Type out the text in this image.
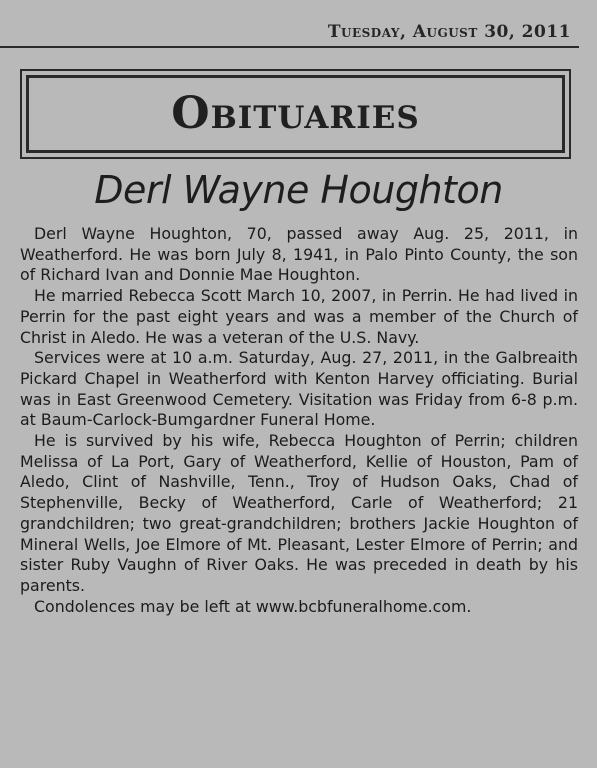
Tuesday, August 30, 2011
Obituaries
Derl Wayne Houghton

Derl Wayne Houghton, 70, passed away Aug. 25, 2011, in Weatherford. He was born July 8, 1941, in Palo Pinto County, the son of Richard Ivan and Donnie Mae Houghton.

He married Rebecca Scott March 10, 2007, in Perrin. He had lived in Perrin for the past eight years and was a member of the Church of Christ in Aledo. He was a veteran of the U.S. Navy.

Services were at 10 a.m. Saturday, Aug. 27, 2011, in the Galbreaith Pickard Chapel in Weatherford with Kenton Harvey officiating. Burial was in East Greenwood Cemetery. Visitation was Friday from 6-8 p.m. at Baum-Carlock-Bumgardner Funeral Home.

He is survived by his wife, Rebecca Houghton of Perrin; children Melissa of La Port, Gary of Weatherford, Kellie of Houston, Pam of Aledo, Clint of Nashville, Tenn., Troy of Hudson Oaks, Chad of Stephenville, Becky of Weatherford, Carle of Weatherford; 21 grandchildren; two great-grandchildren; brothers Jackie Houghton of Mineral Wells, Joe Elmore of Mt. Pleasant, Lester Elmore of Perrin; and sister Ruby Vaughn of River Oaks. He was preceded in death by his parents.

Condolences may be left at www.bcbfuneralhome.com.
